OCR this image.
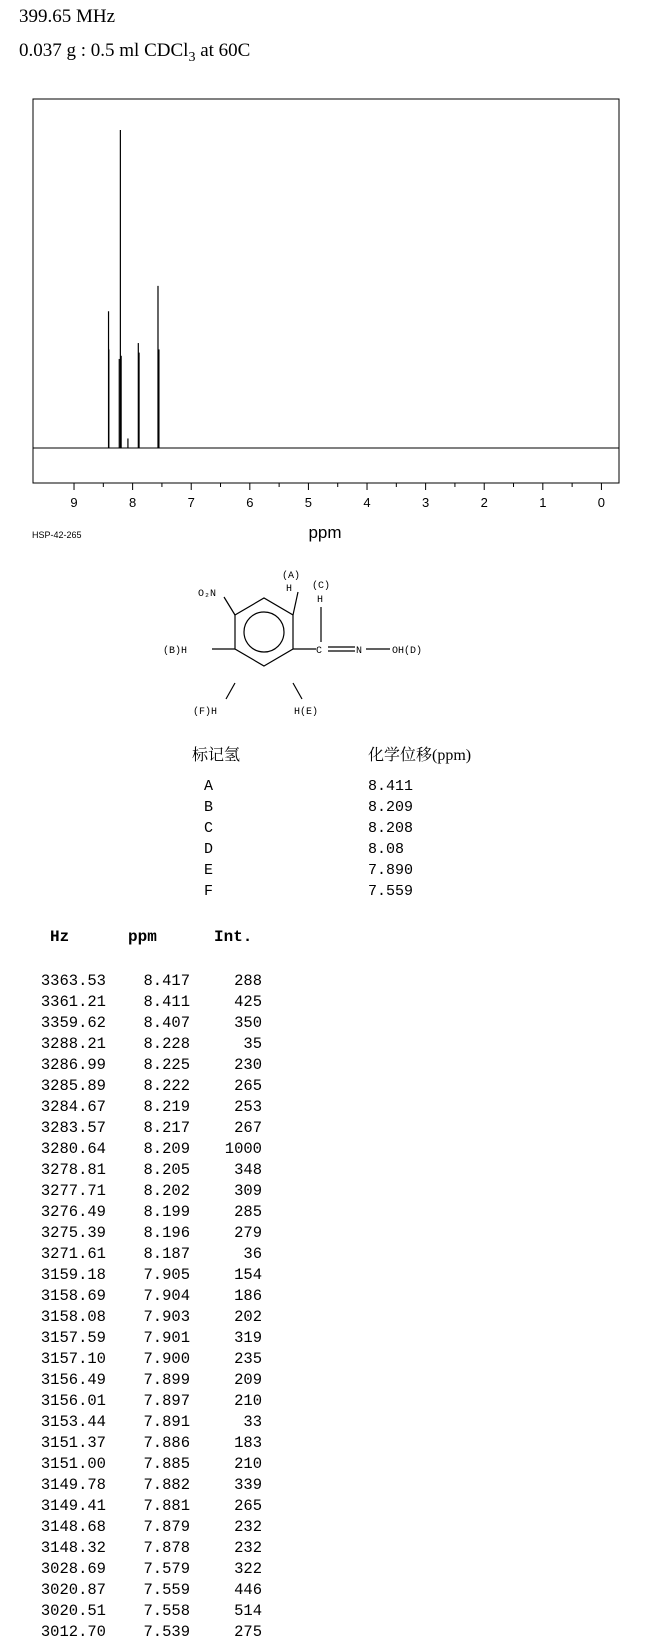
399.65 MHz
0.037 g : 0.5 ml CDCl$_3$ at 60C
9	8	7	6	5	4	3	2	1	0
ppm
HSP-42-265
O₂N
(A)
H (C)
H
(B)H	C	N	OH(D)
(F)H	H(E)
标记氢	化学位移(ppm)
A	8.411
B	8.209
C	8.208
D	8.08
E	7.890
F	7.559
Hz	ppm	Int.
3363.53	8.417	288
3361.21	8.411	425
3359.62	8.407	350
3288.21	8.228	35
3286.99	8.225	230
3285.89	8.222	265
3284.67	8.219	253
3283.57	8.217	267
3280.64	8.209	1000
3278.81	8.205	348
3277.71	8.202	309
3276.49	8.199	285
3275.39	8.196	279
3271.61	8.187	36
3159.18	7.905	154
3158.69	7.904	186
3158.08	7.903	202
3157.59	7.901	319
3157.10	7.900	235
3156.49	7.899	209
3156.01	7.897	210
3153.44	7.891	33
3151.37	7.886	183
3151.00	7.885	210
3149.78	7.882	339
3149.41	7.881	265
3148.68	7.879	232
3148.32	7.878	232
3028.69	7.579	322
3020.87	7.559	446
3020.51	7.558	514
3012.70	7.539	275
